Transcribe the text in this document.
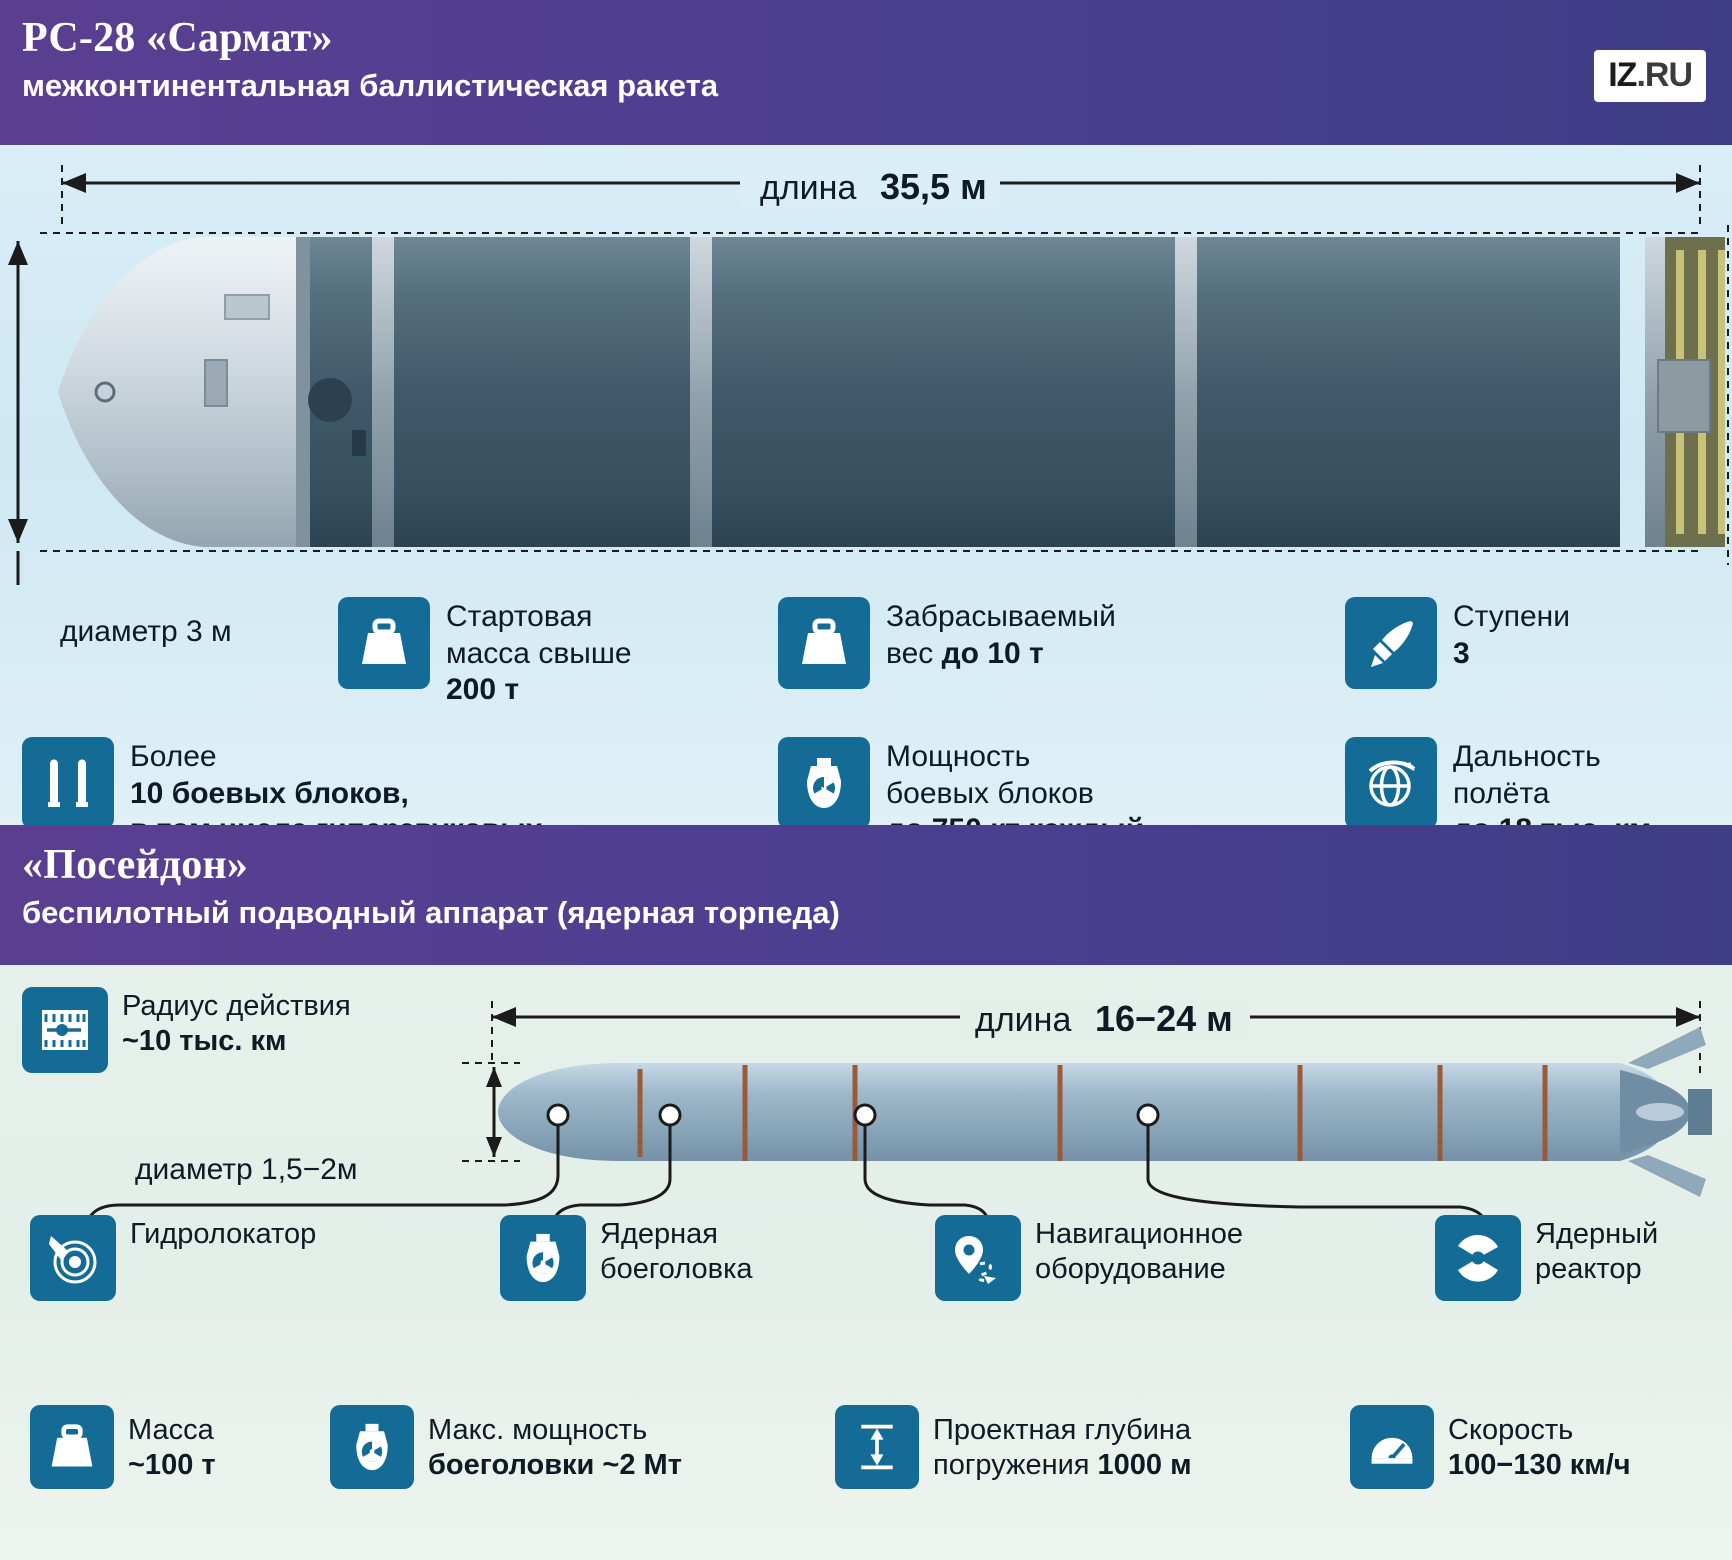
РС-28 «Сармат»
межконтинентальная баллистическая ракета	IZ.RU
длина 35,5 м
диаметр 3 м	Стартовая
масса свыше
200 т
Забрасываемый
вес до 10 т
Ступени
3
Более
10 боевых блоков,

Мощность
боевых блоков

Дальность
полёта

«Посейдон»
беспилотный подводный аппарат (ядерная торпеда)
длина 16−24 м
диаметр 1,5−2м
Радиус действия
~10 тыс. км
Гидролокатор	Ядерная
боеголовка
Навигационное
оборудование
Ядерный
реактор
Масса
~100 т
Макс. мощность
боеголовки ~2 Мт
Проектная глубина
погружения 1000 м
Скорость
100−130 км/ч
